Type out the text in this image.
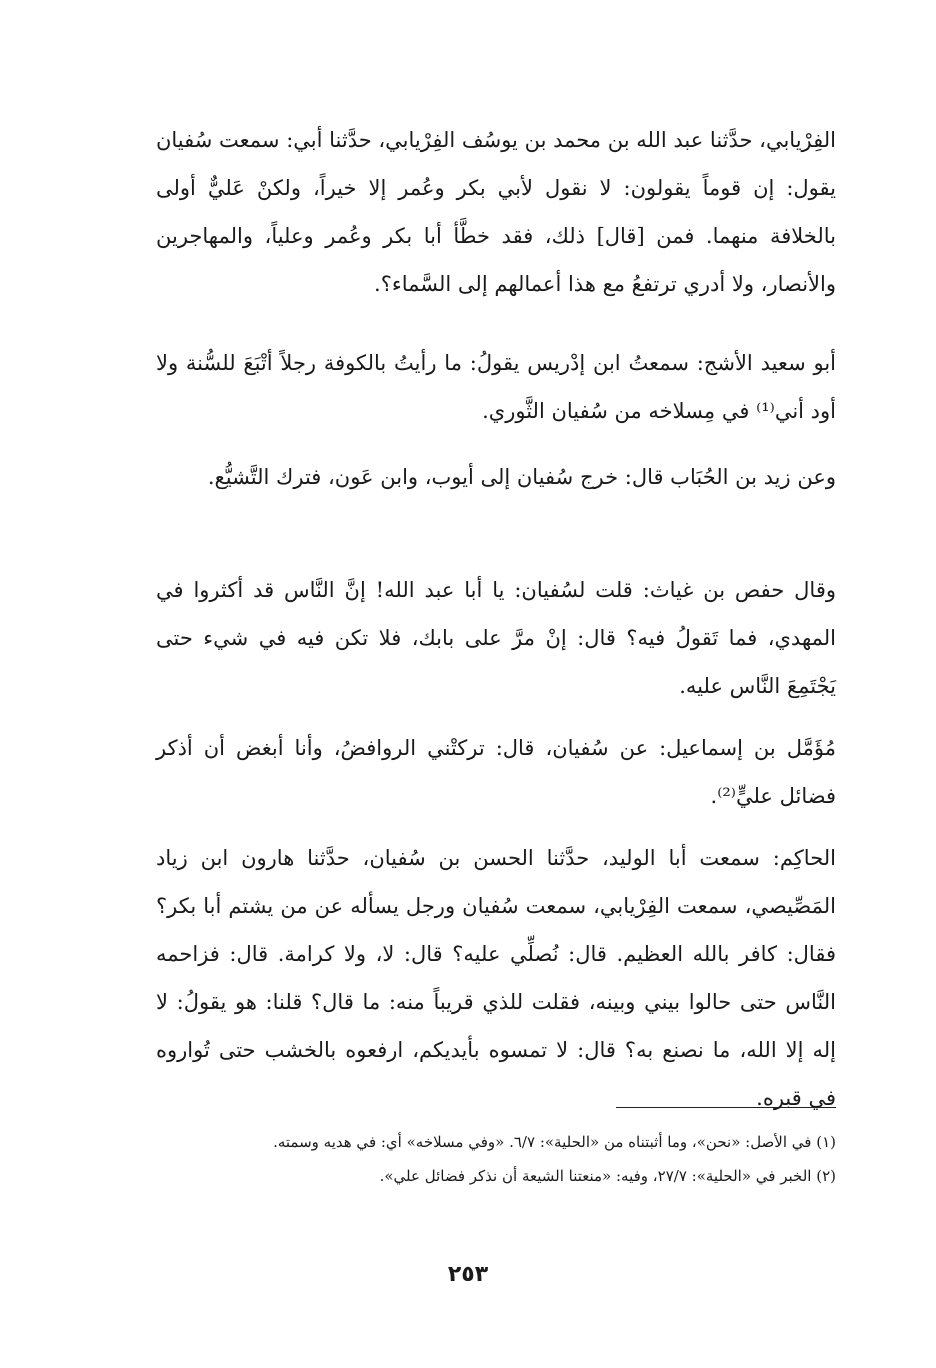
الفِرْيابي، حدَّثنا عبد الله بن محمد بن يوسُف الفِرْيابي، حدَّثنا أبي: سمعت سُفيان يقول: إن قوماً يقولون: لا نقول لأبي بكر وعُمر إلا خيراً، ولكنْ عَليٌّ أولى بالخلافة منهما. فمن [قال] ذلك، فقد خطَّأ أبا بكر وعُمر وعلياً، والمهاجرين والأنصار، ولا أدري ترتفعُ مع هذا أعمالهم إلى السَّماء؟.

أبو سعيد الأشج: سمعتُ ابن إدْريس يقولُ: ما رأيتُ بالكوفة رجلاً أتْبَعَ للسُّنة ولا أود أني⁽¹⁾ في مِسلاخه من سُفيان الثَّوري.

وعن زيد بن الحُبَاب قال: خرج سُفيان إلى أيوب، وابن عَون، فترك التَّشيُّع.

وقال حفص بن غياث: قلت لسُفيان: يا أبا عبد الله! إنَّ النَّاس قد أكثروا في المهدي، فما تَقولُ فيه؟ قال: إنْ مرَّ على بابك، فلا تكن فيه في شيء حتى يَجْتَمِعَ النَّاس عليه.

مُؤَمَّل بن إسماعيل: عن سُفيان، قال: تركتْني الروافضُ، وأنا أبغض أن أذكر فضائل عليٍّ⁽²⁾.

الحاكِم: سمعت أبا الوليد، حدَّثنا الحسن بن سُفيان، حدَّثنا هارون ابن زياد المَصِّيصي، سمعت الفِرْيابي، سمعت سُفيان ورجل يسأله عن من يشتم أبا بكر؟ فقال: كافر بالله العظيم. قال: نُصلِّي عليه؟ قال: لا، ولا كرامة. قال: فزاحمه النَّاس حتى حالوا بيني وبينه، فقلت للذي قريباً منه: ما قال؟ قلنا: هو يقولُ: لا إله إلا الله، ما نصنع به؟ قال: لا تمسوه بأيديكم، ارفعوه بالخشب حتى تُواروه في قبره.

(١) في الأصل: «نحن»، وما أثبتناه من «الحلية»: ٦/٧. «وفي مسلاخه» أي: في هديه وسمته.

(٢) الخبر في «الحلية»: ٢٧/٧، وفيه: «منعتنا الشيعة أن نذكر فضائل علي».

٢٥٣
